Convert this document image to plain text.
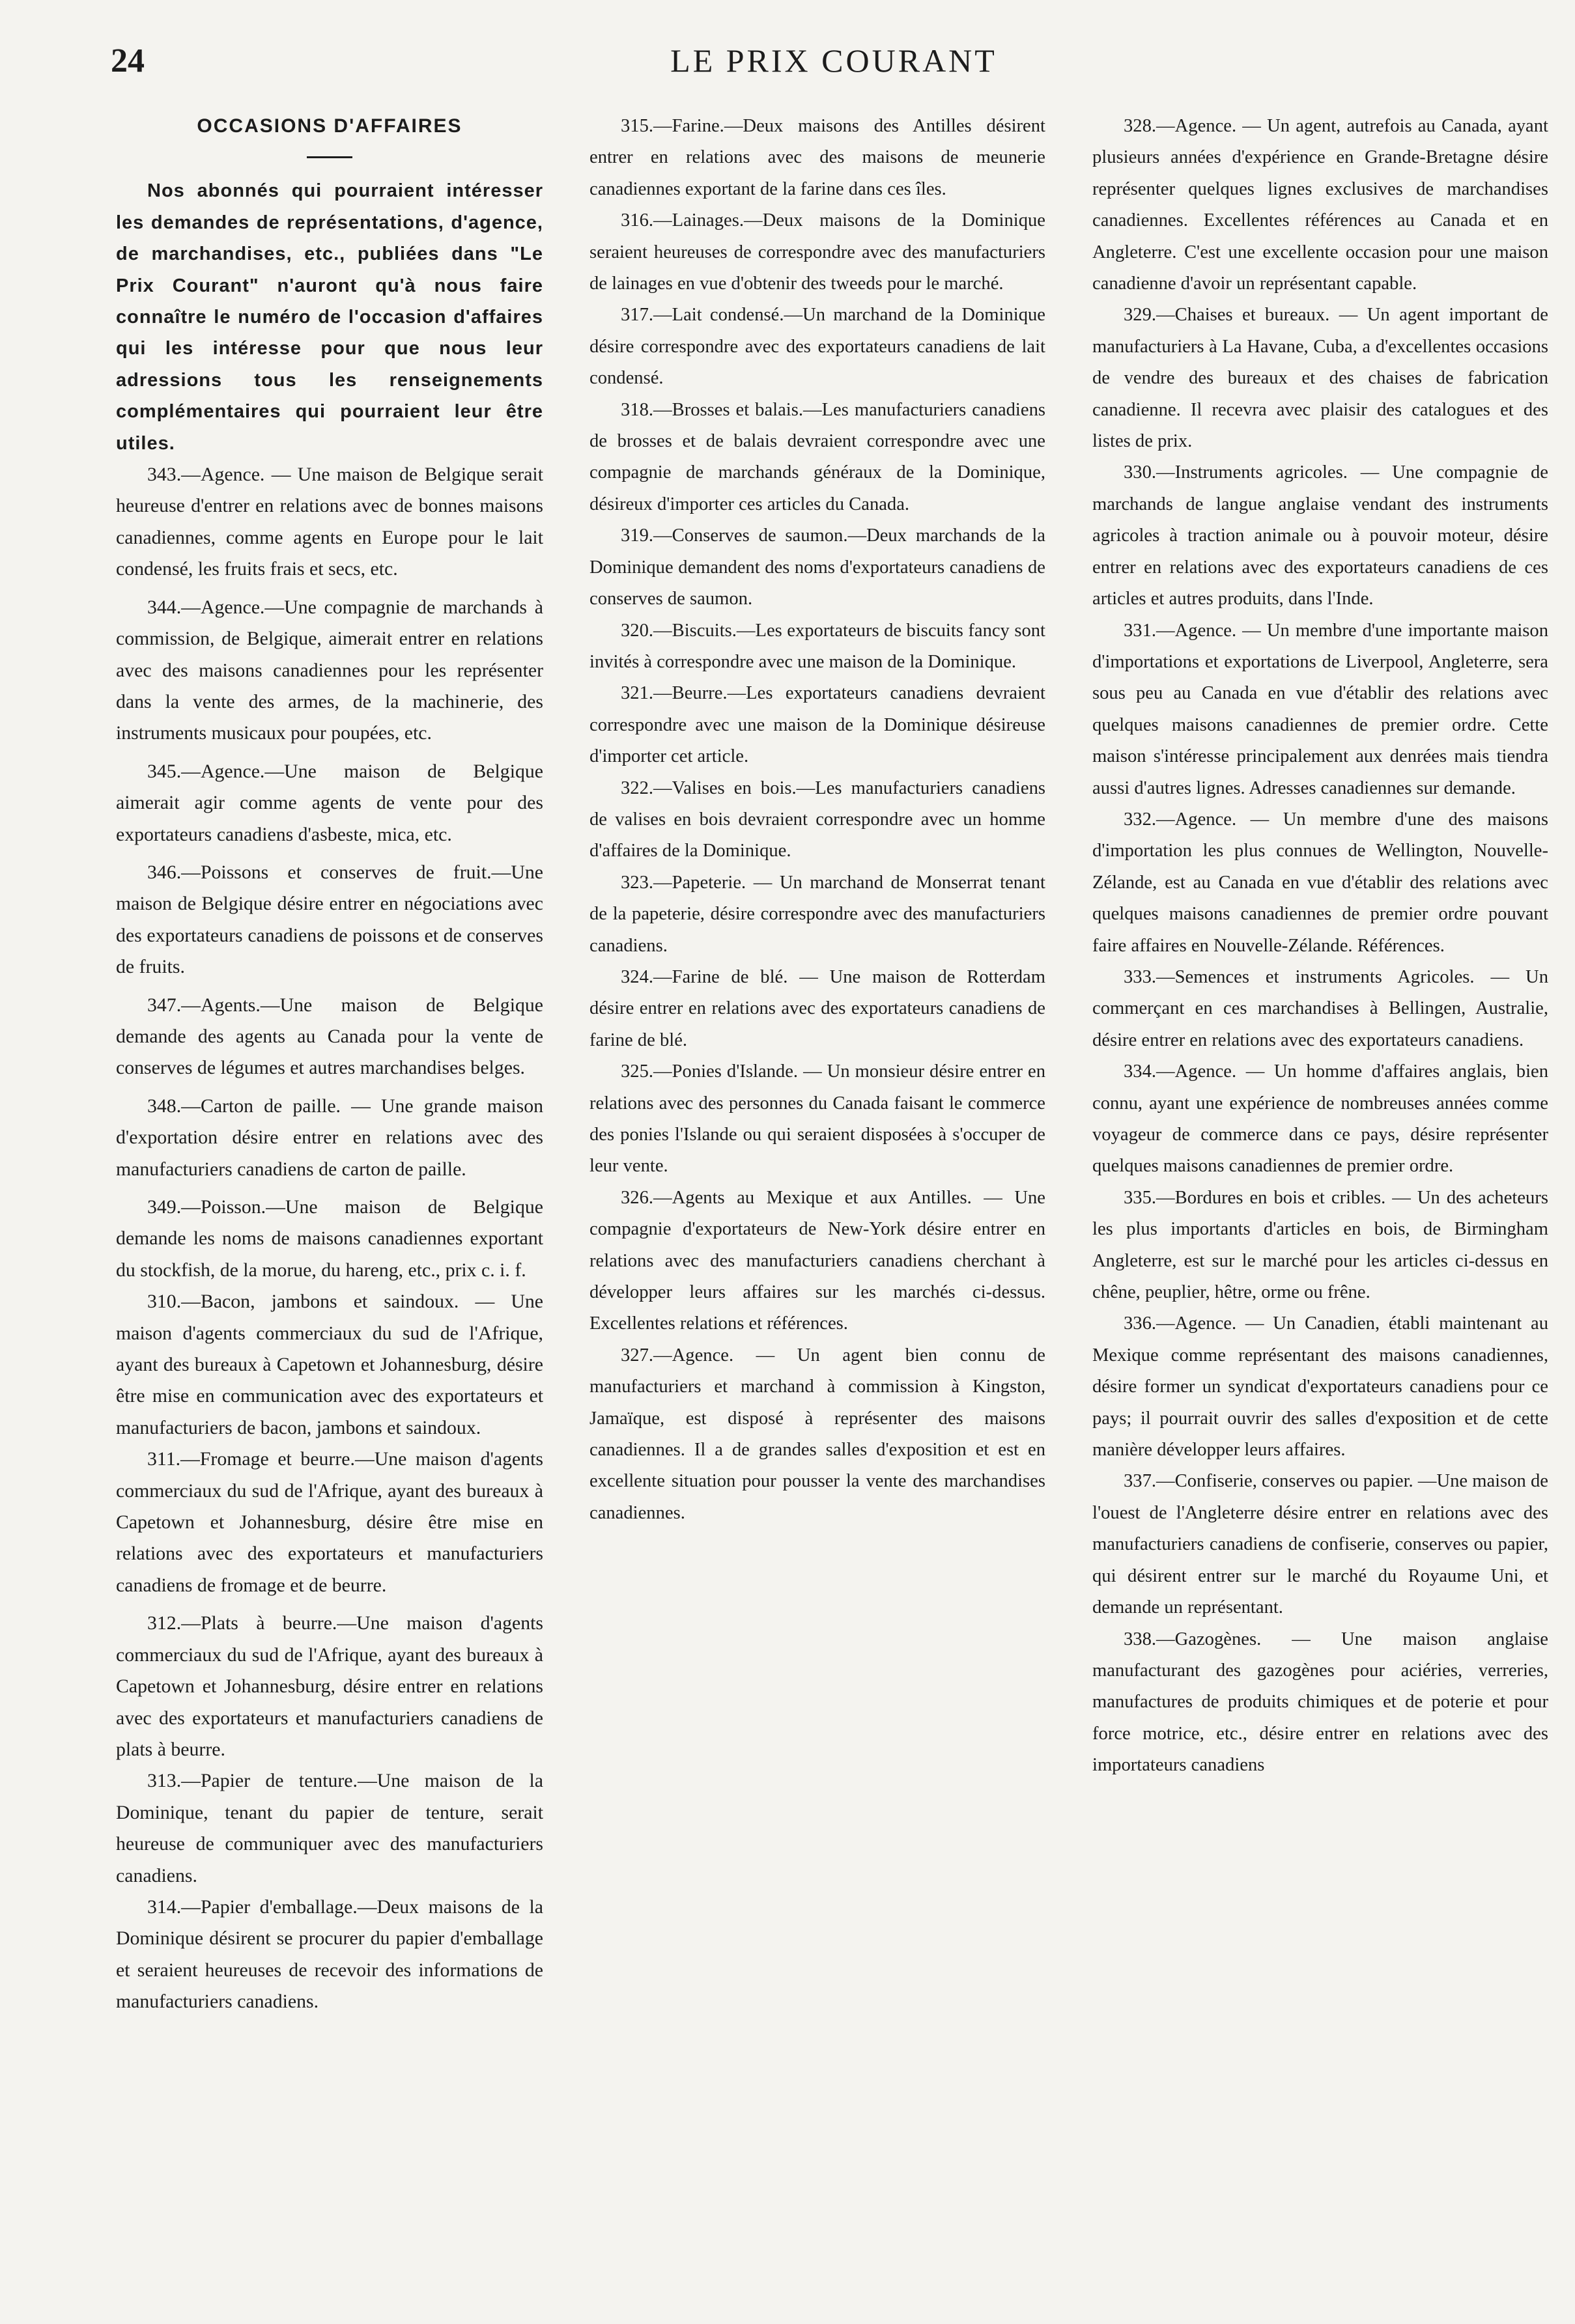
24	LE PRIX COURANT
OCCASIONS D'AFFAIRES

Nos abonnés qui pourraient intéresser les demandes de représentations, d'agence, de marchandises, etc., publiées dans "Le Prix Courant" n'auront qu'à nous faire connaître le numéro de l'occasion d'affaires qui les intéresse pour que nous leur adressions tous les renseignements complémentaires qui pourraient leur être utiles.

343.—Agence. — Une maison de Belgique serait heureuse d'entrer en relations avec de bonnes maisons canadiennes, comme agents en Europe pour le lait condensé, les fruits frais et secs, etc.

344.—Agence.—Une compagnie de marchands à commission, de Belgique, aimerait entrer en relations avec des maisons canadiennes pour les représenter dans la vente des armes, de la machinerie, des instruments musicaux pour poupées, etc.

345.—Agence.—Une maison de Belgique aimerait agir comme agents de vente pour des exportateurs canadiens d'asbeste, mica, etc.

346.—Poissons et conserves de fruit.—Une maison de Belgique désire entrer en négociations avec des exportateurs canadiens de poissons et de conserves de fruits.

347.—Agents.—Une maison de Belgique demande des agents au Canada pour la vente de conserves de légumes et autres marchandises belges.

348.—Carton de paille. — Une grande maison d'exportation désire entrer en relations avec des manufacturiers canadiens de carton de paille.

349.—Poisson.—Une maison de Belgique demande les noms de maisons canadiennes exportant du stockfish, de la morue, du hareng, etc., prix c. i. f.

310.—Bacon, jambons et saindoux. — Une maison d'agents commerciaux du sud de l'Afrique, ayant des bureaux à Capetown et Johannesburg, désire être mise en communication avec des exportateurs et manufacturiers de bacon, jambons et saindoux.

311.—Fromage et beurre.—Une maison d'agents commerciaux du sud de l'Afrique, ayant des bureaux à Capetown et Johannesburg, désire être mise en relations avec des exportateurs et manufacturiers canadiens de fromage et de beurre.

312.—Plats à beurre.—Une maison d'agents commerciaux du sud de l'Afrique, ayant des bureaux à Capetown et Johannesburg, désire entrer en relations avec des exportateurs et manufacturiers canadiens de plats à beurre.

313.—Papier de tenture.—Une maison de la Dominique, tenant du papier de tenture, serait heureuse de communiquer avec des manufacturiers canadiens.

314.—Papier d'emballage.—Deux maisons de la Dominique désirent se procurer du papier d'emballage et seraient heureuses de recevoir des informations de manufacturiers canadiens.

315.—Farine.—Deux maisons des Antilles désirent entrer en relations avec des maisons de meunerie canadiennes exportant de la farine dans ces îles.

316.—Lainages.—Deux maisons de la Dominique seraient heureuses de correspondre avec des manufacturiers de lainages en vue d'obtenir des tweeds pour le marché.

317.—Lait condensé.—Un marchand de la Dominique désire correspondre avec des exportateurs canadiens de lait condensé.

318.—Brosses et balais.—Les manufacturiers canadiens de brosses et de balais devraient correspondre avec une compagnie de marchands généraux de la Dominique, désireux d'importer ces articles du Canada.

319.—Conserves de saumon.—Deux marchands de la Dominique demandent des noms d'exportateurs canadiens de conserves de saumon.

320.—Biscuits.—Les exportateurs de biscuits fancy sont invités à correspondre avec une maison de la Dominique.

321.—Beurre.—Les exportateurs canadiens devraient correspondre avec une maison de la Dominique désireuse d'importer cet article.

322.—Valises en bois.—Les manufacturiers canadiens de valises en bois devraient correspondre avec un homme d'affaires de la Dominique.

323.—Papeterie. — Un marchand de Monserrat tenant de la papeterie, désire correspondre avec des manufacturiers canadiens.

324.—Farine de blé. — Une maison de Rotterdam désire entrer en relations avec des exportateurs canadiens de farine de blé.

325.—Ponies d'Islande. — Un monsieur désire entrer en relations avec des personnes du Canada faisant le commerce des ponies l'Islande ou qui seraient disposées à s'occuper de leur vente.

326.—Agents au Mexique et aux Antilles. — Une compagnie d'exportateurs de New-York désire entrer en relations avec des manufacturiers canadiens cherchant à développer leurs affaires sur les marchés ci-dessus. Excellentes relations et références.

327.—Agence. — Un agent bien connu de manufacturiers et marchand à commission à Kingston, Jamaïque, est disposé à représenter des maisons canadiennes. Il a de grandes salles d'exposition et est en excellente situation pour pousser la vente des marchandises canadiennes.

328.—Agence. — Un agent, autrefois au Canada, ayant plusieurs années d'expérience en Grande-Bretagne désire représenter quelques lignes exclusives de marchandises canadiennes. Excellentes références au Canada et en Angleterre. C'est une excellente occasion pour une maison canadienne d'avoir un représentant capable.

329.—Chaises et bureaux. — Un agent important de manufacturiers à La Havane, Cuba, a d'excellentes occasions de vendre des bureaux et des chaises de fabrication canadienne. Il recevra avec plaisir des catalogues et des listes de prix.

330.—Instruments agricoles. — Une compagnie de marchands de langue anglaise vendant des instruments agricoles à traction animale ou à pouvoir moteur, désire entrer en relations avec des exportateurs canadiens de ces articles et autres produits, dans l'Inde.

331.—Agence. — Un membre d'une importante maison d'importations et exportations de Liverpool, Angleterre, sera sous peu au Canada en vue d'établir des relations avec quelques maisons canadiennes de premier ordre. Cette maison s'intéresse principalement aux denrées mais tiendra aussi d'autres lignes. Adresses canadiennes sur demande.

332.—Agence. — Un membre d'une des maisons d'importation les plus connues de Wellington, Nouvelle-Zélande, est au Canada en vue d'établir des relations avec quelques maisons canadiennes de premier ordre pouvant faire affaires en Nouvelle-Zélande. Références.

333.—Semences et instruments Agricoles. — Un commerçant en ces marchandises à Bellingen, Australie, désire entrer en relations avec des exportateurs canadiens.

334.—Agence. — Un homme d'affaires anglais, bien connu, ayant une expérience de nombreuses années comme voyageur de commerce dans ce pays, désire représenter quelques maisons canadiennes de premier ordre.

335.—Bordures en bois et cribles. — Un des acheteurs les plus importants d'articles en bois, de Birmingham Angleterre, est sur le marché pour les articles ci-dessus en chêne, peuplier, hêtre, orme ou frêne.

336.—Agence. — Un Canadien, établi maintenant au Mexique comme représentant des maisons canadiennes, désire former un syndicat d'exportateurs canadiens pour ce pays; il pourrait ouvrir des salles d'exposition et de cette manière développer leurs affaires.

337.—Confiserie, conserves ou papier. —Une maison de l'ouest de l'Angleterre désire entrer en relations avec des manufacturiers canadiens de confiserie, conserves ou papier, qui désirent entrer sur le marché du Royaume Uni, et demande un représentant.

338.—Gazogènes. — Une maison anglaise manufacturant des gazogènes pour aciéries, verreries, manufactures de produits chimiques et de poterie et pour force motrice, etc., désire entrer en relations avec des importateurs canadiens
